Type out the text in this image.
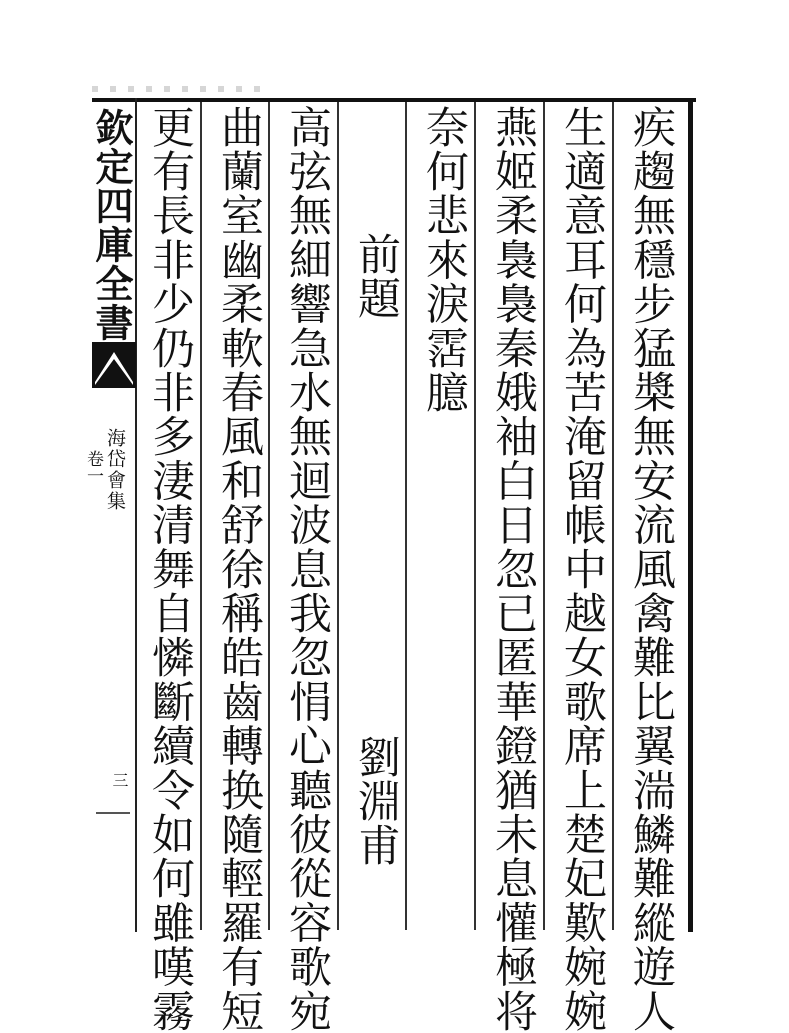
欽定四庫全書
海岱會集
卷一
三	疾趨無穩步猛槳無安流風禽難比翼湍鱗難縱遊人
生適意耳何為苦淹留帳中越女歌席上楚妃歎婉婉
燕姬柔裊裊秦娥袖白日忽已匿華鐙猶未息懽極将
奈何悲來淚霑臆
前題
劉淵甫
高弦無細響急水無迴波息我忽悁心聽彼從容歌宛
曲蘭室幽柔軟春風和舒徐稱皓齒轉换隨輕羅有短
更有長非少仍非多淒清舞自憐斷續令如何雖嘆霧
